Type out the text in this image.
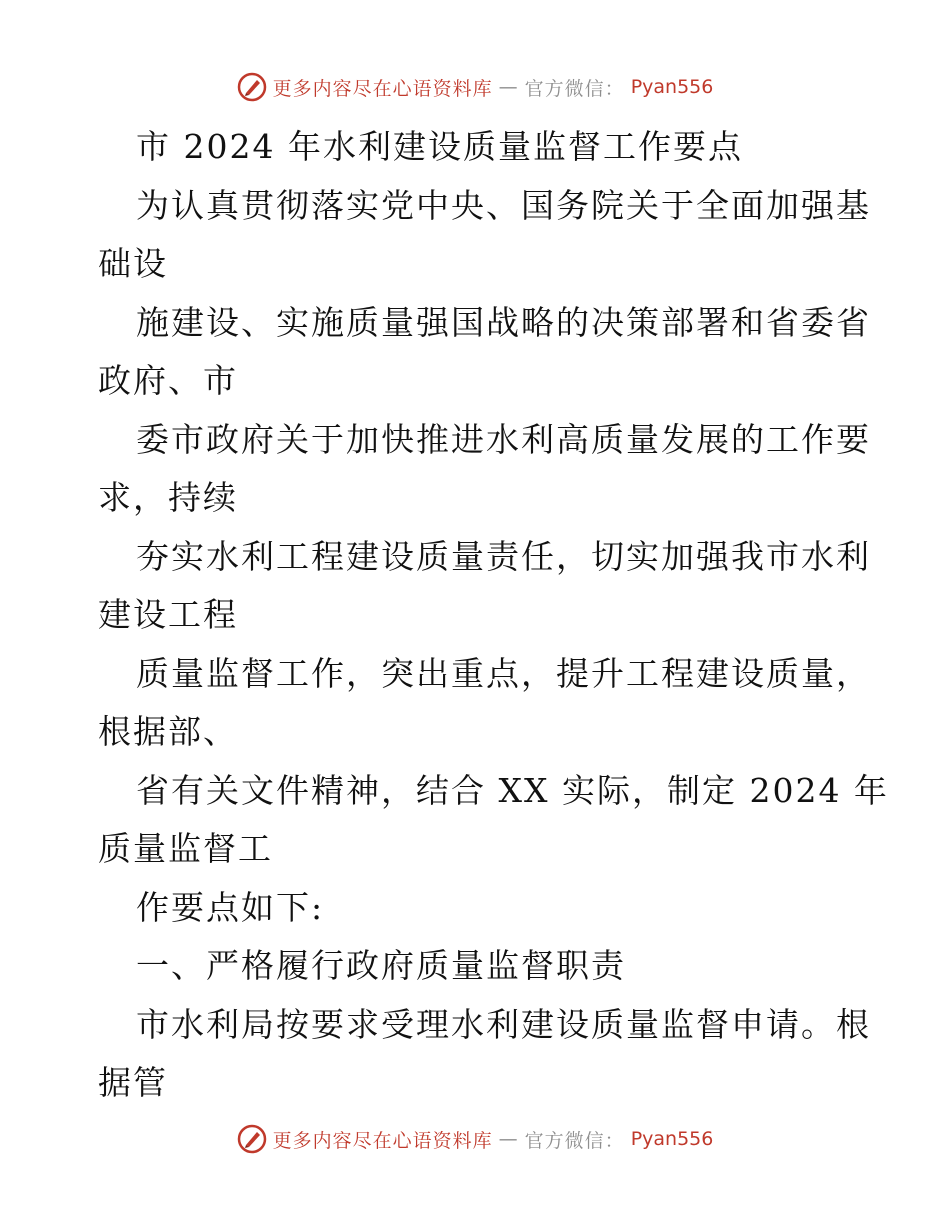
更多内容尽在心语资料库 — 官方微信： Pyan556
市 2024 年水利建设质量监督工作要点
为认真贯彻落实党中央、国务院关于全面加强基
础设
施建设、实施质量强国战略的决策部署和省委省
政府、市
委市政府关于加快推进水利高质量发展的工作要
求，持续
夯实水利工程建设质量责任，切实加强我市水利
建设工程
质量监督工作，突出重点，提升工程建设质量，
根据部、
省有关文件精神，结合 XX 实际，制定 2024 年
质量监督工
作要点如下:
一、严格履行政府质量监督职责
市水利局按要求受理水利建设质量监督申请。根
据管
更多内容尽在心语资料库 — 官方微信： Pyan556
